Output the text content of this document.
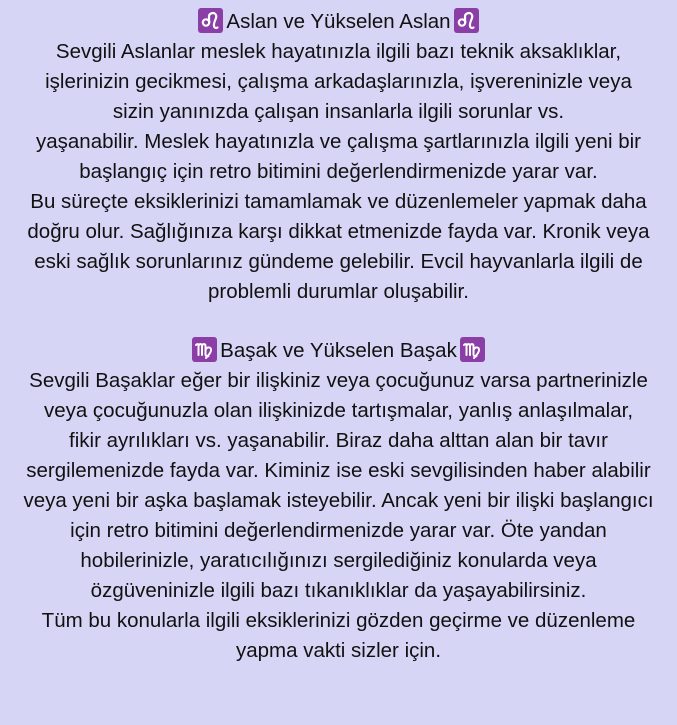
Aslan ve Yükselen Aslan
Sevgili Aslanlar meslek hayatınızla ilgili bazı teknik aksaklıklar,
işlerinizin gecikmesi, çalışma arkadaşlarınızla, işvereninizle veya
sizin yanınızda çalışan insanlarla ilgili sorunlar vs.
yaşanabilir. Meslek hayatınızla ve çalışma şartlarınızla ilgili yeni bir
başlangıç için retro bitimini değerlendirmenizde yarar var.
Bu süreçte eksiklerinizi tamamlamak ve düzenlemeler yapmak daha
doğru olur. Sağlığınıza karşı dikkat etmenizde fayda var. Kronik veya
eski sağlık sorunlarınız gündeme gelebilir. Evcil hayvanlarla ilgili de
problemli durumlar oluşabilir.
Başak ve Yükselen Başak
Sevgili Başaklar eğer bir ilişkiniz veya çocuğunuz varsa partnerinizle
veya çocuğunuzla olan ilişkinizde tartışmalar, yanlış anlaşılmalar,
fikir ayrılıkları vs. yaşanabilir. Biraz daha alttan alan bir tavır
sergilemenizde fayda var. Kiminiz ise eski sevgilisinden haber alabilir
veya yeni bir aşka başlamak isteyebilir. Ancak yeni bir ilişki başlangıcı
için retro bitimini değerlendirmenizde yarar var. Öte yandan
hobilerinizle, yaratıcılığınızı sergilediğiniz konularda veya
özgüveninizle ilgili bazı tıkanıklıklar da yaşayabilirsiniz.
Tüm bu konularla ilgili eksiklerinizi gözden geçirme ve düzenleme
yapma vakti sizler için.
